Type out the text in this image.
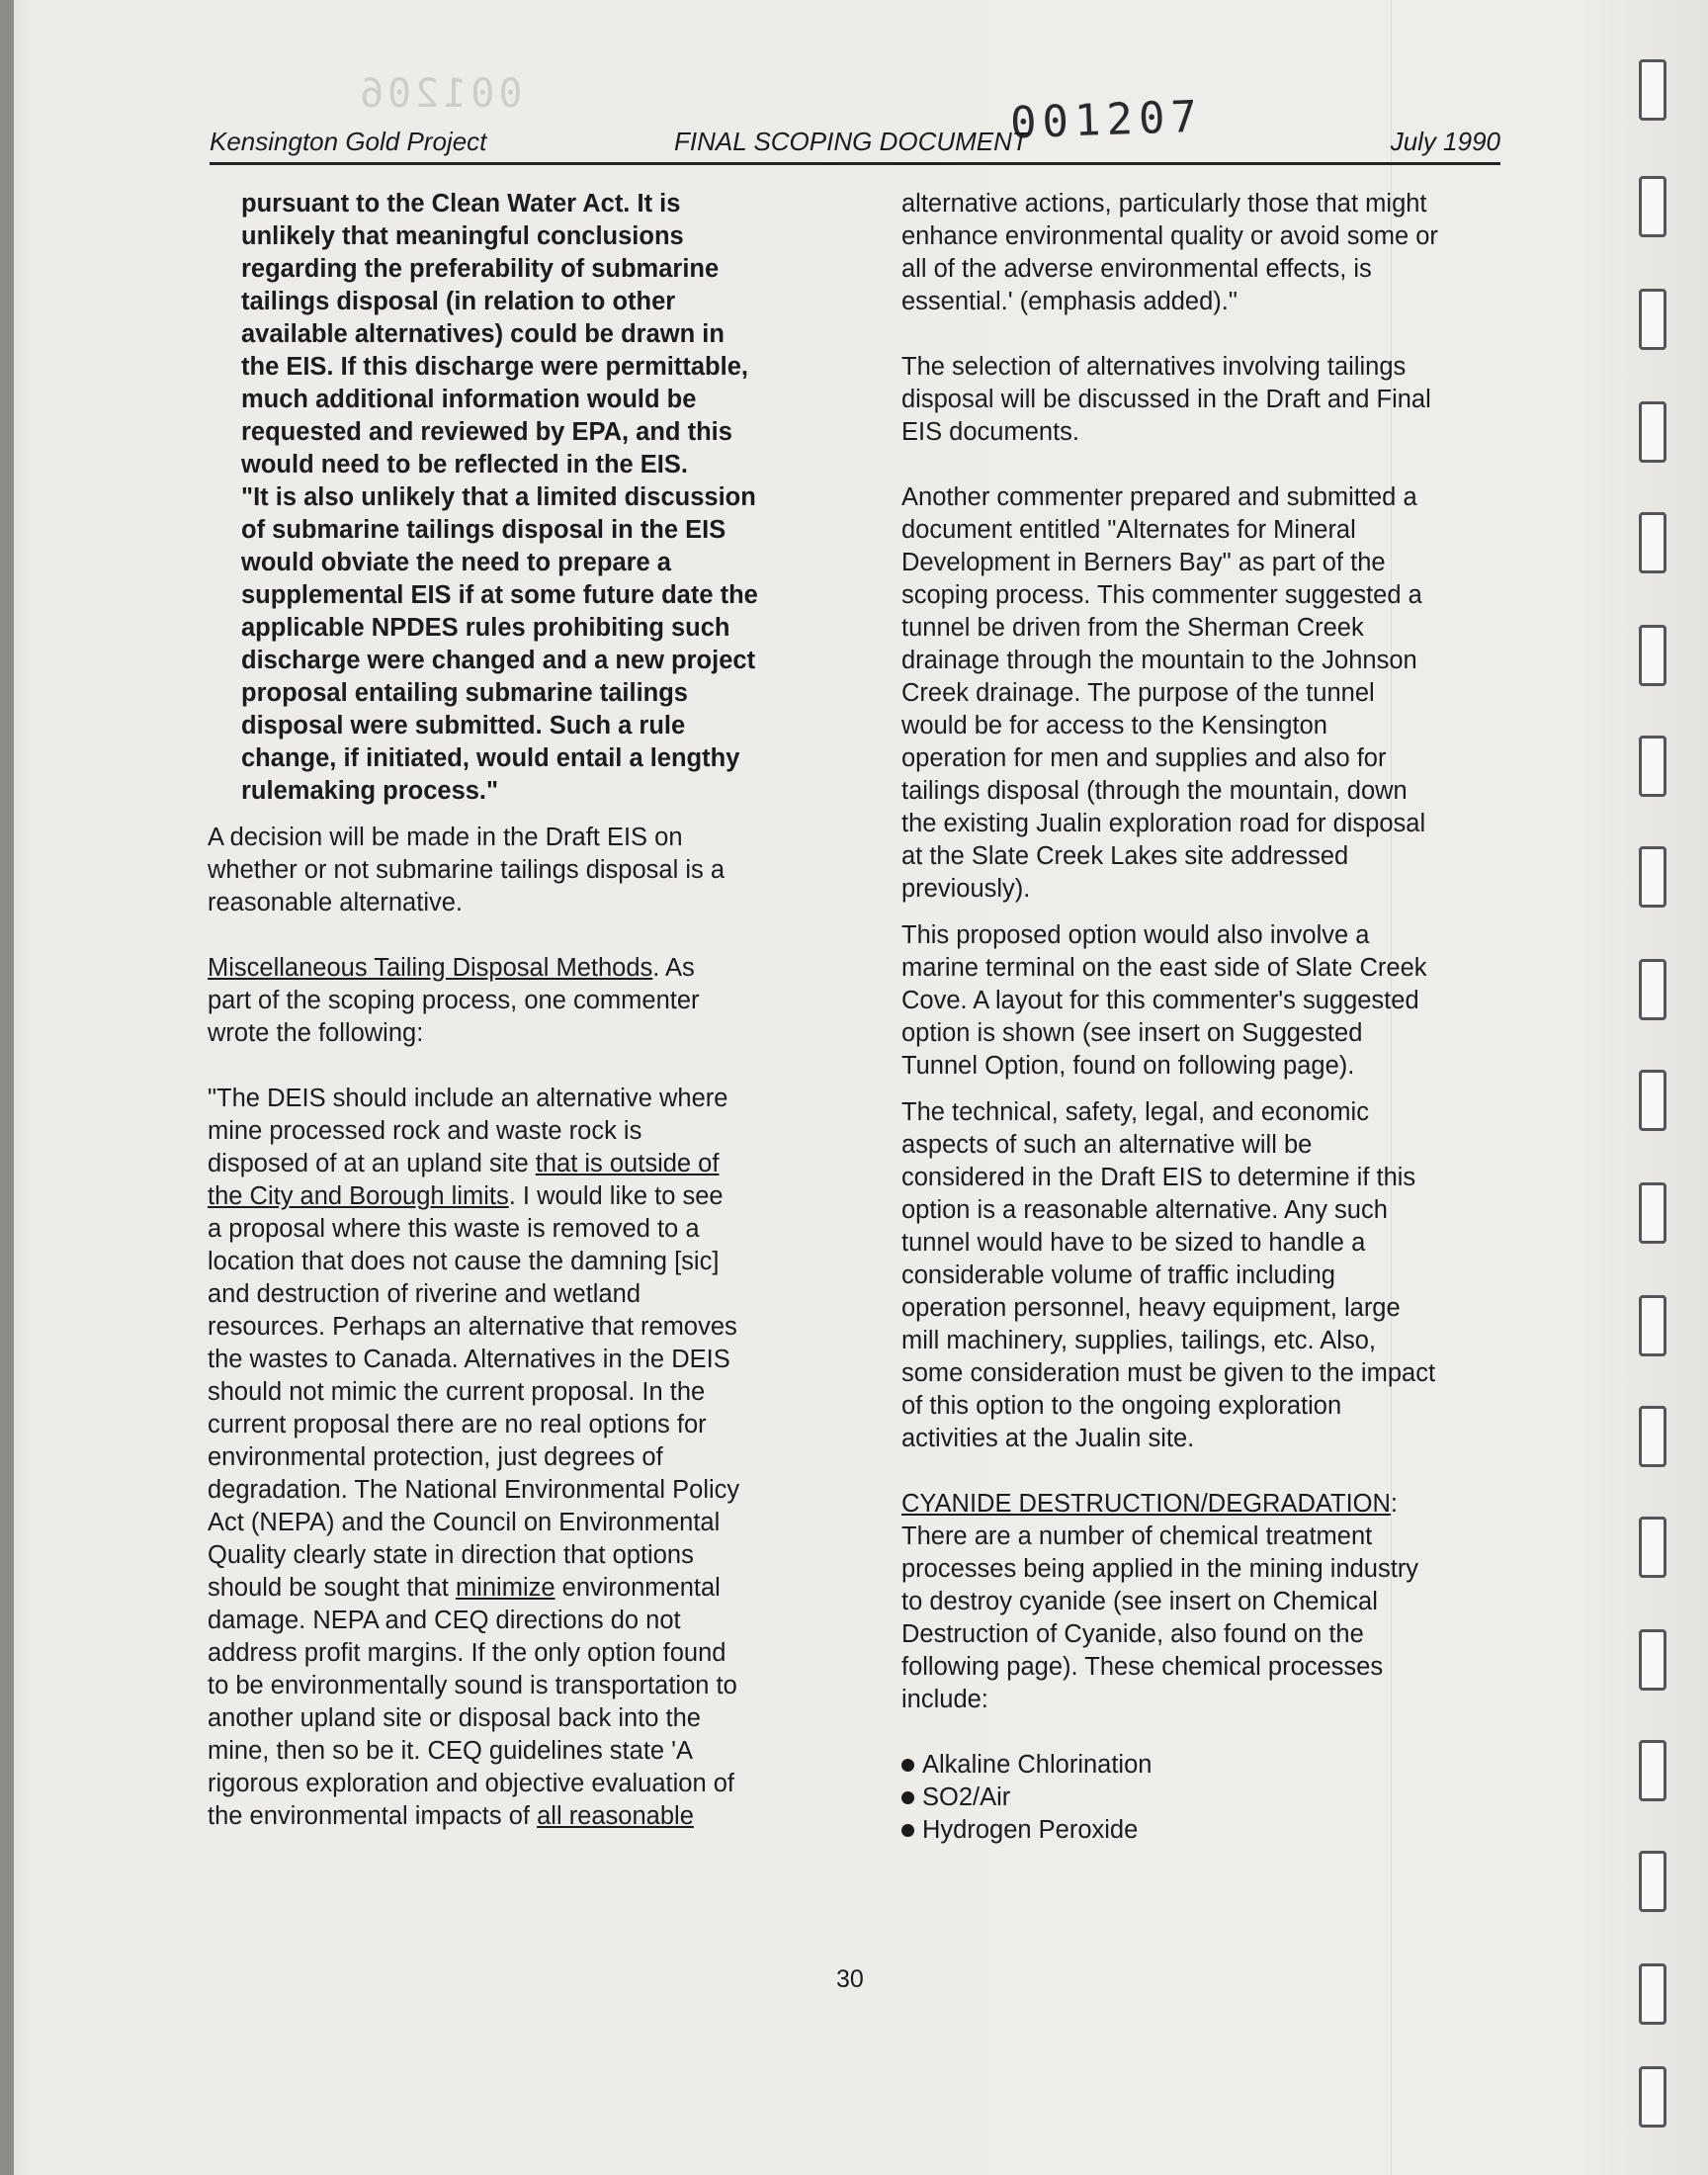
001206	001207
Kensington Gold Project	FINAL SCOPING DOCUMENT	July 1990
pursuant to the Clean Water Act. It is
unlikely that meaningful conclusions
regarding the preferability of submarine
tailings disposal (in relation to other
available alternatives) could be drawn in
the EIS. If this discharge were permittable,
much additional information would be
requested and reviewed by EPA, and this
would need to be reflected in the EIS.
"It is also unlikely that a limited discussion
of submarine tailings disposal in the EIS
would obviate the need to prepare a
supplemental EIS if at some future date the
applicable NPDES rules prohibiting such
discharge were changed and a new project
proposal entailing submarine tailings
disposal were submitted. Such a rule
change, if initiated, would entail a lengthy
rulemaking process."
A decision will be made in the Draft EIS on
whether or not submarine tailings disposal is a
reasonable alternative.
Miscellaneous Tailing Disposal Methods. As
part of the scoping process, one commenter
wrote the following:
"The DEIS should include an alternative where
mine processed rock and waste rock is
disposed of at an upland site that is outside of
the City and Borough limits. I would like to see
a proposal where this waste is removed to a
location that does not cause the damning [sic]
and destruction of riverine and wetland
resources. Perhaps an alternative that removes
the wastes to Canada. Alternatives in the DEIS
should not mimic the current proposal. In the
current proposal there are no real options for
environmental protection, just degrees of
degradation. The National Environmental Policy
Act (NEPA) and the Council on Environmental
Quality clearly state in direction that options
should be sought that minimize environmental
damage. NEPA and CEQ directions do not
address profit margins. If the only option found
to be environmentally sound is transportation to
another upland site or disposal back into the
mine, then so be it. CEQ guidelines state 'A
rigorous exploration and objective evaluation of
the environmental impacts of all reasonable
alternative actions, particularly those that might
enhance environmental quality or avoid some or
all of the adverse environmental effects, is
essential.' (emphasis added)."
The selection of alternatives involving tailings
disposal will be discussed in the Draft and Final
EIS documents.
Another commenter prepared and submitted a
document entitled "Alternates for Mineral
Development in Berners Bay" as part of the
scoping process. This commenter suggested a
tunnel be driven from the Sherman Creek
drainage through the mountain to the Johnson
Creek drainage. The purpose of the tunnel
would be for access to the Kensington
operation for men and supplies and also for
tailings disposal (through the mountain, down
the existing Jualin exploration road for disposal
at the Slate Creek Lakes site addressed
previously).
This proposed option would also involve a
marine terminal on the east side of Slate Creek
Cove. A layout for this commenter's suggested
option is shown (see insert on Suggested
Tunnel Option, found on following page).
The technical, safety, legal, and economic
aspects of such an alternative will be
considered in the Draft EIS to determine if this
option is a reasonable alternative. Any such
tunnel would have to be sized to handle a
considerable volume of traffic including
operation personnel, heavy equipment, large
mill machinery, supplies, tailings, etc. Also,
some consideration must be given to the impact
of this option to the ongoing exploration
activities at the Jualin site.
CYANIDE DESTRUCTION/DEGRADATION:
There are a number of chemical treatment
processes being applied in the mining industry
to destroy cyanide (see insert on Chemical
Destruction of Cyanide, also found on the
following page). These chemical processes
include:
Alkaline Chlorination
SO2/Air
Hydrogen Peroxide
30
